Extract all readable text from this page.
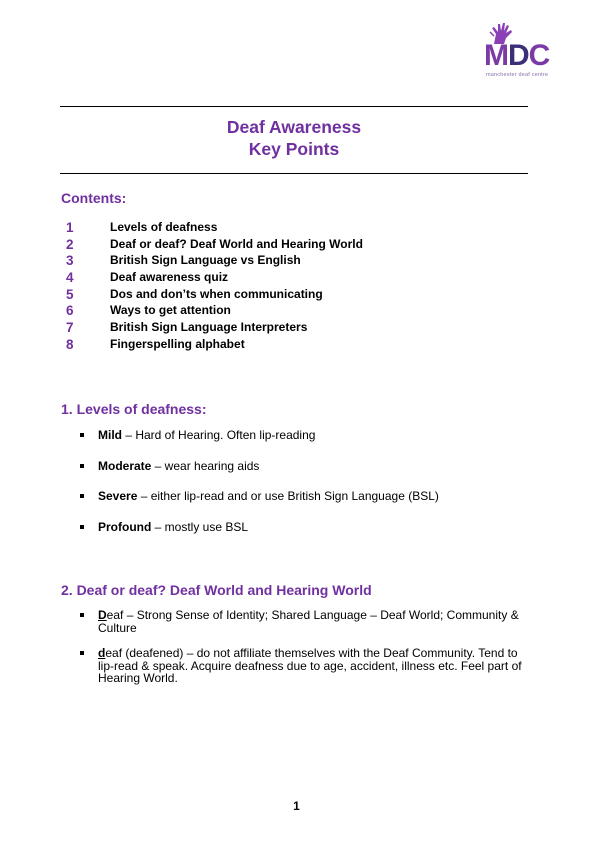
MDC
manchester deaf centre
Deaf Awareness
Key Points
Contents:
1	Levels of deafness
2	Deaf or deaf? Deaf World and Hearing World
3	British Sign Language vs English
4	Deaf awareness quiz
5	Dos and don’ts when communicating
6	Ways to get attention
7	British Sign Language Interpreters
8	Fingerspelling alphabet
1. Levels of deafness:
Mild – Hard of Hearing. Often lip-reading
Moderate – wear hearing aids
Severe – either lip-read and or use British Sign Language (BSL)
Profound – mostly use BSL
2. Deaf or deaf? Deaf World and Hearing World
Deaf – Strong Sense of Identity; Shared Language – Deaf World; Community & Culture
deaf (deafened) – do not affiliate themselves with the Deaf Community. Tend to lip-read & speak. Acquire deafness due to age, accident, illness etc. Feel part of Hearing World.
1
